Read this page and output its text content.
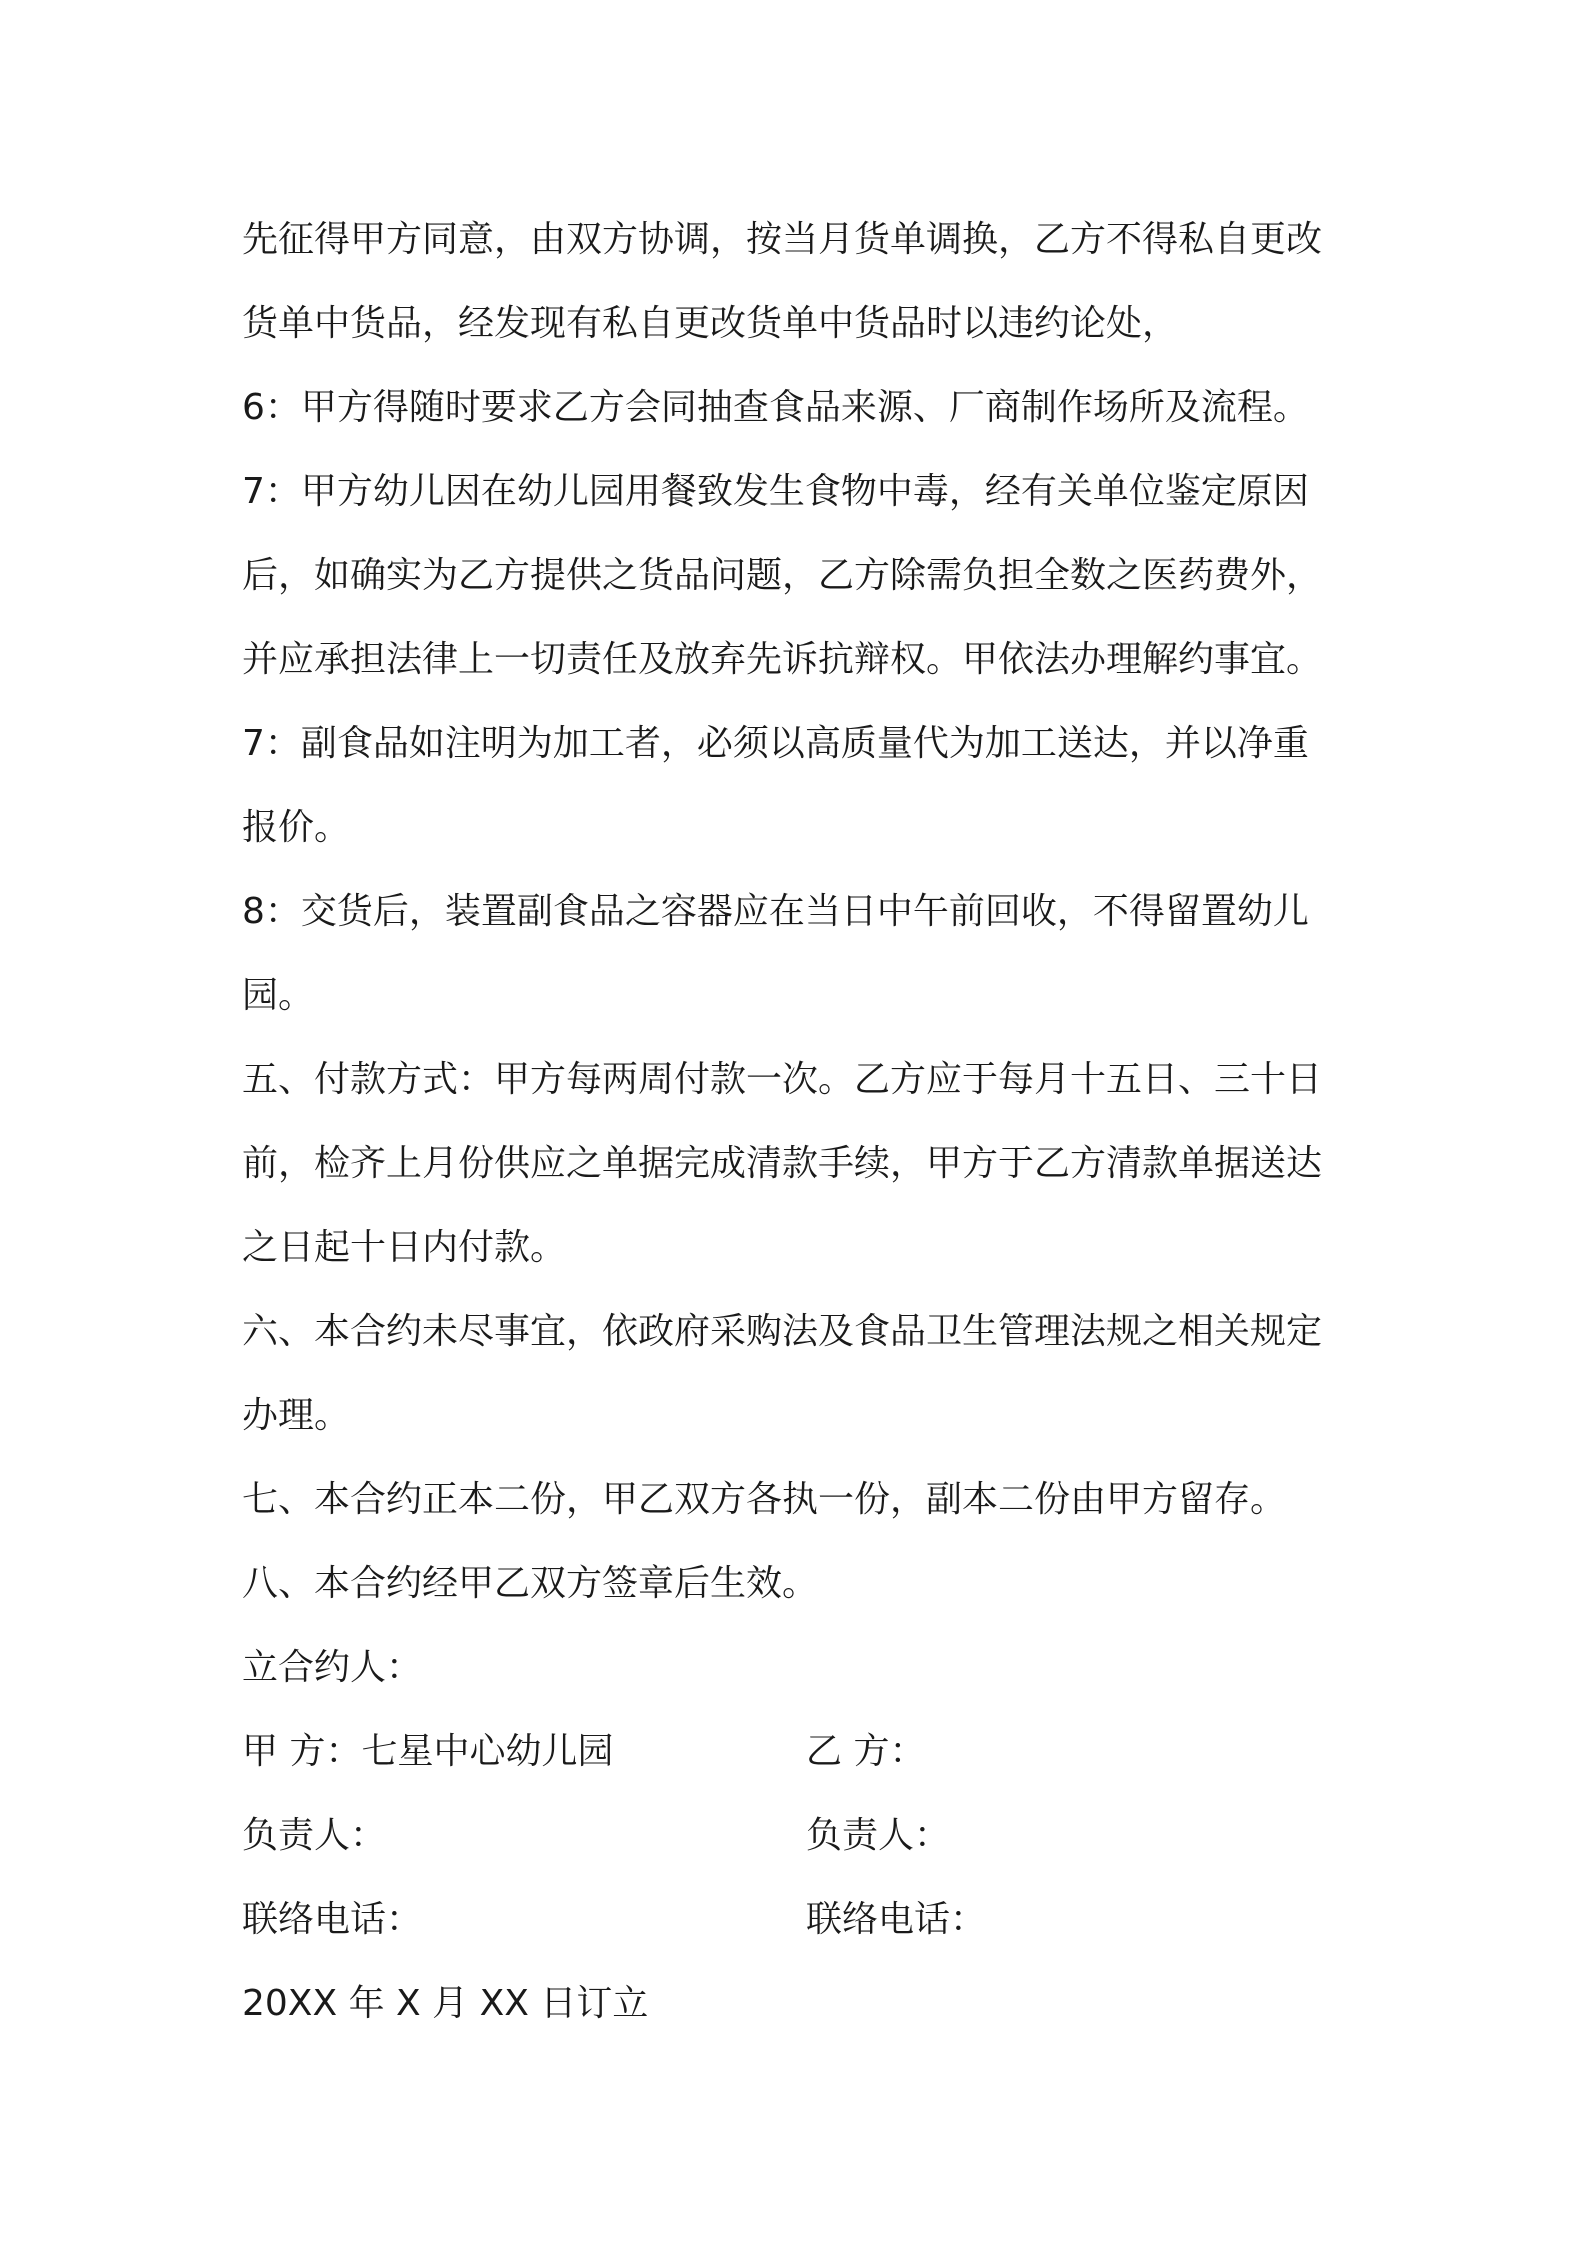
先征得甲方同意，由双方协调，按当月货单调换，乙方不得私自更改
货单中货品，经发现有私自更改货单中货品时以违约论处，
6：甲方得随时要求乙方会同抽查食品来源、厂商制作场所及流程。
7：甲方幼儿因在幼儿园用餐致发生食物中毒，经有关单位鉴定原因
后，如确实为乙方提供之货品问题，乙方除需负担全数之医药费外，
并应承担法律上一切责任及放弃先诉抗辩权。甲依法办理解约事宜。
7：副食品如注明为加工者，必须以高质量代为加工送达，并以净重
报价。
8：交货后，装置副食品之容器应在当日中午前回收，不得留置幼儿
园。
五、付款方式：甲方每两周付款一次。乙方应于每月十五日、三十日
前，检齐上月份供应之单据完成清款手续，甲方于乙方清款单据送达
之日起十日内付款。
六、本合约未尽事宜，依政府采购法及食品卫生管理法规之相关规定
办理。
七、本合约正本二份，甲乙双方各执一份，副本二份由甲方留存。
八、本合约经甲乙双方签章后生效。
立合约人：
甲 方：七星中心幼儿园	乙 方：
负责人：	负责人：
联络电话：	联络电话：
20XX 年 X 月 XX 日订立
